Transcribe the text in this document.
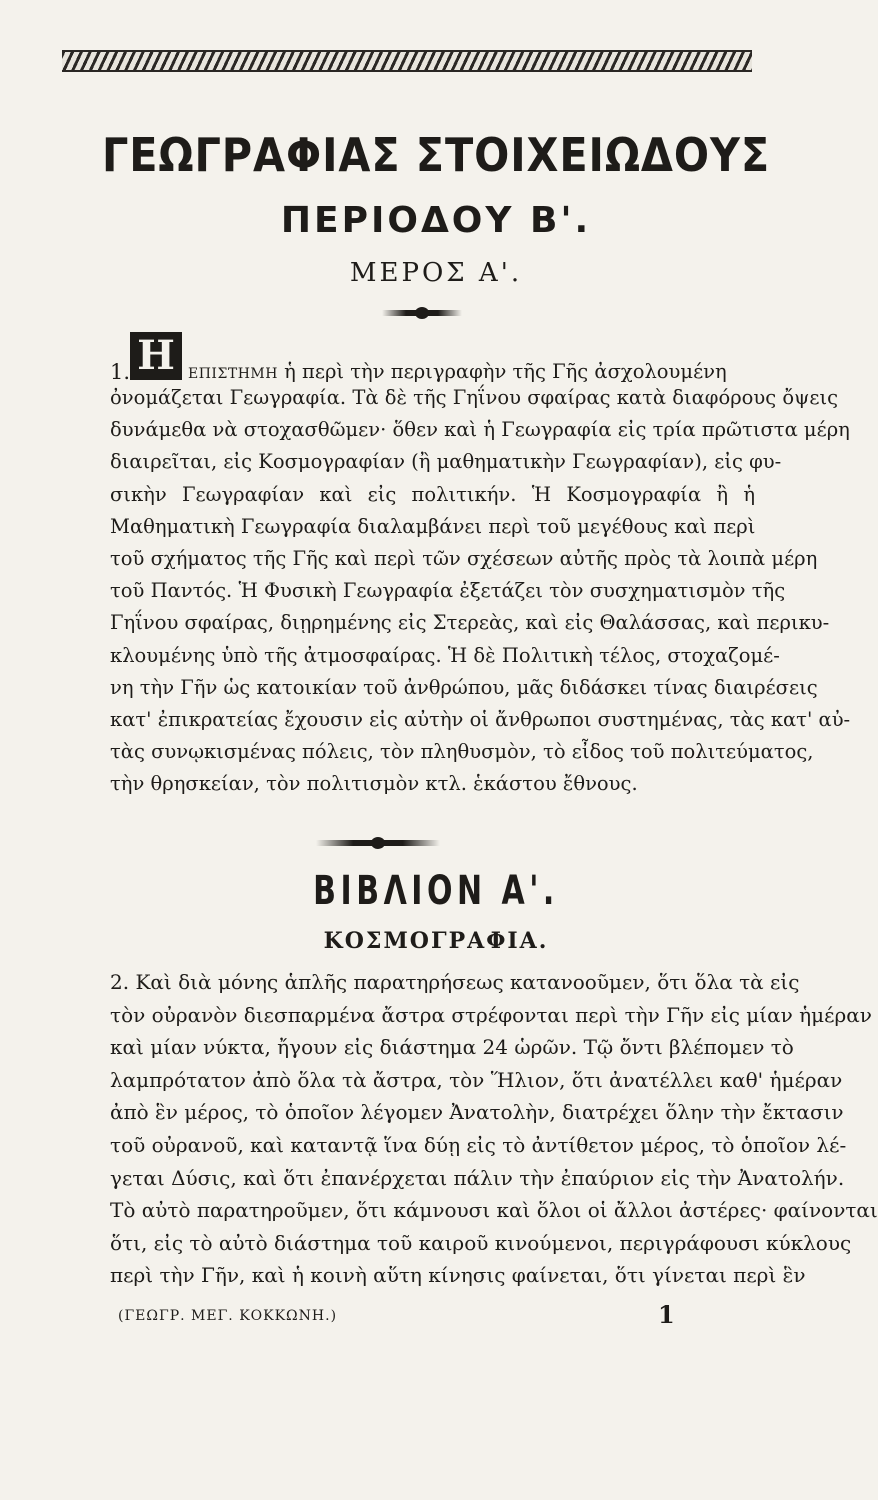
ΓΕΩΓΡΑΦΙΑΣ ΣΤΟΙΧΕΙΩΔΟΥΣ
ΠΕΡΙΟΔΟΥ Β'.
ΜΕΡΟΣ Α'.
1. Η ΕΠΙΣΤΗΜΗ ἡ περὶ τὴν περιγραφὴν τῆς Γῆς ἀσχολουμένη
ὀνομάζεται Γεωγραφία. Τὰ δὲ τῆς Γηΐνου σφαίρας κατὰ διαφόρους ὄψεις
δυνάμεθα νὰ στοχασθῶμεν· ὅθεν καὶ ἡ Γεωγραφία εἰς τρία πρῶτιστα μέρη
διαιρεῖται, εἰς Κοσμογραφίαν (ἢ μαθηματικὴν Γεωγραφίαν), εἰς φυ-
σικὴν Γεωγραφίαν καὶ εἰς πολιτικήν. Ἡ Κοσμογραφία ἢ ἡ
Μαθηματικὴ Γεωγραφία διαλαμβάνει περὶ τοῦ μεγέθους καὶ περὶ
τοῦ σχήματος τῆς Γῆς καὶ περὶ τῶν σχέσεων αὐτῆς πρὸς τὰ λοιπὰ μέρη
τοῦ Παντός. Ἡ Φυσικὴ Γεωγραφία ἐξετάζει τὸν συσχηματισμὸν τῆς
Γηΐνου σφαίρας, διῃρημένης εἰς Στερεὰς, καὶ εἰς Θαλάσσας, καὶ περικυ-
κλουμένης ὑπὸ τῆς ἀτμοσφαίρας. Ἡ δὲ Πολιτικὴ τέλος, στοχαζομέ-
νη τὴν Γῆν ὡς κατοικίαν τοῦ ἀνθρώπου, μᾶς διδάσκει τίνας διαιρέσεις
κατ' ἐπικρατείας ἔχουσιν εἰς αὐτὴν οἱ ἄνθρωποι συστημένας, τὰς κατ' αὐ-
τὰς συνῳκισμένας πόλεις, τὸν πληθυσμὸν, τὸ εἶδος τοῦ πολιτεύματος,
τὴν θρησκείαν, τὸν πολιτισμὸν κτλ. ἑκάστου ἔθνους.
ΒΙΒΛΙΟΝ Α'.
ΚΟΣΜΟΓΡΑΦΙΑ.
2. Καὶ διὰ μόνης ἁπλῆς παρατηρήσεως κατανοοῦμεν, ὅτι ὅλα τὰ εἰς
τὸν οὐρανὸν διεσπαρμένα ἄστρα στρέφονται περὶ τὴν Γῆν εἰς μίαν ἡμέραν
καὶ μίαν νύκτα, ἤγουν εἰς διάστημα 24 ὡρῶν. Τῷ ὄντι βλέπομεν τὸ
λαμπρότατον ἀπὸ ὅλα τὰ ἄστρα, τὸν Ἥλιον, ὅτι ἀνατέλλει καθ' ἡμέραν
ἀπὸ ἓν μέρος, τὸ ὁποῖον λέγομεν Ἀνατολὴν, διατρέχει ὅλην τὴν ἔκτασιν
τοῦ οὐρανοῦ, καὶ καταντᾷ ἵνα δύῃ εἰς τὸ ἀντίθετον μέρος, τὸ ὁποῖον λέ-
γεται Δύσις, καὶ ὅτι ἐπανέρχεται πάλιν τὴν ἐπαύριον εἰς τὴν Ἀνατολήν.
Τὸ αὐτὸ παρατηροῦμεν, ὅτι κάμνουσι καὶ ὅλοι οἱ ἄλλοι ἀστέρες· φαίνονται
ὅτι, εἰς τὸ αὐτὸ διάστημα τοῦ καιροῦ κινούμενοι, περιγράφουσι κύκλους
περὶ τὴν Γῆν, καὶ ἡ κοινὴ αὕτη κίνησις φαίνεται, ὅτι γίνεται περὶ ἓν
(ΓΕΩΓΡ. ΜΕΓ. ΚΟΚΚΩΝΗ.)	1
